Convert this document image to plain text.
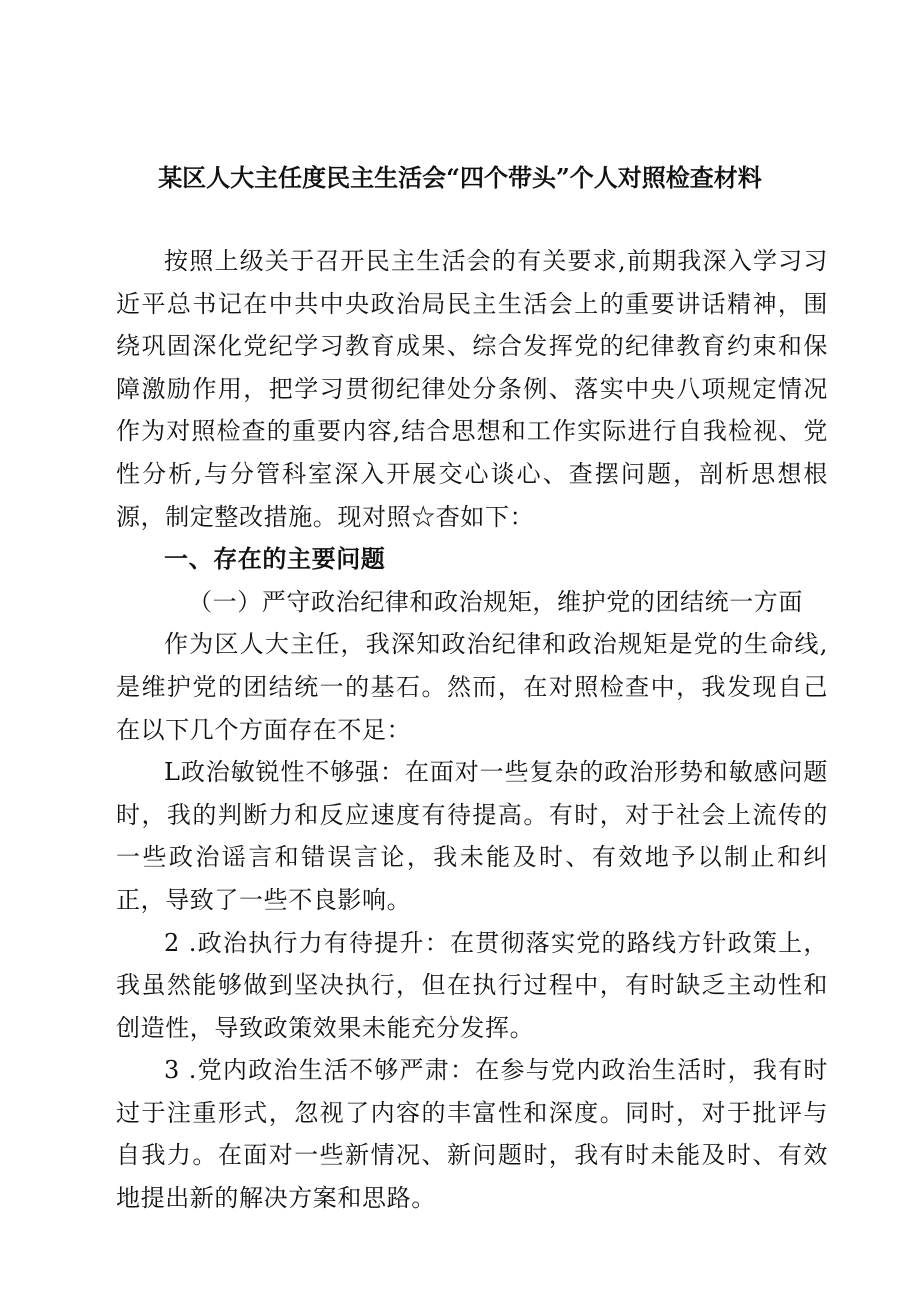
某区人大主任度民主生活会“四个带头”个人对照检查材料

按照上级关于召开民主生活会的有关要求,前期我深入学习习近平总书记在中共中央政治局民主生活会上的重要讲话精神，围绕巩固深化党纪学习教育成果、综合发挥党的纪律教育约束和保障激励作用，把学习贯彻纪律处分条例、落实中央八项规定情况作为对照检查的重要内容,结合思想和工作实际进行自我检视、党性分析,与分管科室深入开展交心谈心、查摆问题，剖析思想根源，制定整改措施。现对照☆杳如下：

一、存在的主要问题
（一）严守政治纪律和政治规矩，维护党的团结统一方面

作为区人大主任，我深知政治纪律和政治规矩是党的生命线,是维护党的团结统一的基石。然而，在对照检查中，我发现自己在以下几个方面存在不足：

L政治敏锐性不够强：在面对一些复杂的政治形势和敏感问题时，我的判断力和反应速度有待提高。有时，对于社会上流传的一些政治谣言和错误言论，我未能及时、有效地予以制止和纠正，导致了一些不良影响。

2 .政治执行力有待提升：在贯彻落实党的路线方针政策上，我虽然能够做到坚决执行，但在执行过程中，有时缺乏主动性和创造性，导致政策效果未能充分发挥。

3 .党内政治生活不够严肃：在参与党内政治生活时，我有时过于注重形式，忽视了内容的丰富性和深度。同时，对于批评与自我力。在面对一些新情况、新问题时，我有时未能及时、有效地提出新的解决方案和思路。
